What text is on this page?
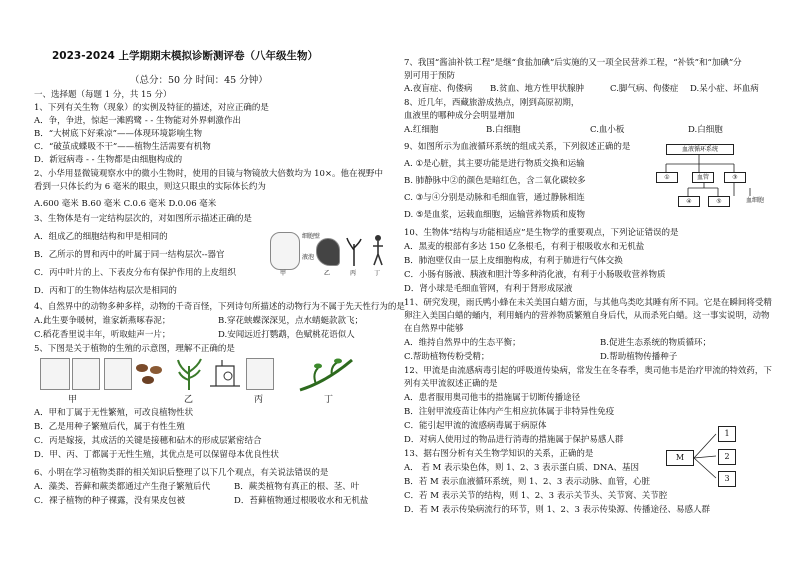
2023-2024 上学期期末模拟诊断测评卷（八年级生物）
（总分：50 分 时间：45 分钟）
一、选择题（每题 1 分，共 15 分）
1、下列有关生物（现象）的实例及特征的描述，对应正确的是
A．争，争进，惊起一滩鸥鹭 - - 生物能对外界刺激作出
B．“大树底下好乘凉”——体现环境影响生物
C．“破茧成蝶吸不干”——植物生活需要有机物
D．新冠病毒 - - 生物都是由细胞构成的
2、小华用显微镜观察水中的微小生物时，使用的目镜与物镜放大倍数均为 10×。他在视野中
看到一只体长约为 6 毫米的眼虫，则这只眼虫的实际体长约为
A.600 毫米 B.60 毫米 C.0.6 毫米 D.0.06 毫米
3、生物体是有一定结构层次的，对如图所示描述正确的是
A．组成乙的细胞结构和甲是相同的
B．乙所示的胃和丙中的叶属于同一结构层次--器官
C．丙中叶片的上、下表皮分布有保护作用的上皮组织
D．丙和丁的生物体结构层次是相同的
细胞壁
液泡
甲	乙	丙	丁
4、自然界中的动物多种多样，动物的千奇百怪，下列诗句所描述的动物行为不属于先天性行为的是
A.此生要争暖树，谁家新燕啄春泥；	B.穿花蛱蝶深深见，点水蜻蜓款款飞；
C.稻花香里说丰年，听取蛙声一片；	D.安闻远近打鹦鹉，色赋桃花语似人
5、下图是关于植物的生殖的示意图，理解不正确的是
甲	乙	丙	丁
A．甲和丁属于无性繁殖，可改良植物性状
B．乙是用种子繁殖后代，属于有性生殖
C．丙是嫁接，其成活的关键是接穗和砧木的形成层紧密结合
D．甲、丙、丁都属于无性生殖，其优点是可以保留母本优良性状
6、小明在学习植物类群的相关知识后整理了以下几个观点，有关说法错误的是
A．藻类、苔藓和蕨类都通过产生孢子繁殖后代	B．蕨类植物有真正的根、茎、叶
C．裸子植物的种子裸露，没有果皮包被	D．苔藓植物通过根吸收水和无机盐
7、我国“酱油补铁工程”是继“食盐加碘”后实施的又一项全民营养工程，“补铁”和“加碘”分
别可用于预防
A.夜盲症、佝偻病 B.贫血、地方性甲状腺肿	C.脚气病、佝偻症 D.呆小症、坏血病
8、近几年，西藏旅游成热点，刚到高原初期，
血液里的哪种成分会明显增加
A.红细胞	B.白细胞	C.血小板	D.白细胞
9、如图所示为血液循环系统的组成关系，下列叙述正确的是
A. ①是心脏，其主要功能是进行物质交换和运输
B. 肺静脉中②的颜色是暗红色，含二氧化碳较多
C. ③与④分别是动脉和毛细血管，通过静脉相连
D. ⑤是血浆，运载血细胞，运输营养物质和废物
血液循环系统
①	血管	③
④	⑤	血细胞
10、生物体“结构与功能相适应”是生物学的重要观点，下列论证错误的是
A．黑麦的根部有多达 150 亿条根毛，有利于根吸收水和无机盐
B．肺泡壁仅由一层上皮细胞构成，有利于肺进行气体交换
C．小肠有肠液、胰液和胆汁等多种消化液，有利于小肠吸收营养物质
D．肾小球是毛细血管网，有利于肾形成尿液
11、研究发现，雨氏鸭小蜂在未关美国白蜡方面，与其他鸟类吃其睡有所不同。它是在瞬间将受精
卵注入美国白蜡的蛹内，利用蛹内的营养物质繁殖自身后代，从而杀死白蜡。这一事实说明，动物
在自然界中能够
A．维持自然界中的生态平衡；	B.促进生态系统的物质循环；
C.帮助植物传粉受精；	D.帮助植物传播种子
12、甲流是由流感病毒引起的呼吸道传染病，常发生在冬春季，奥司他韦是治疗甲流的特效药，下
列有关甲流叙述正确的是
A．患者服用奥司他韦的措施属于切断传播途径
B．注射甲流疫苗让体内产生相应抗体属于非特异性免疫
C．能引起甲流的流感病毒属于病原体
D．对病人使用过的物品进行消毒的措施属于保护易感人群
13、据右图分析有关生物学知识的关系，正确的是
A． 若 M 表示染色体，则 1、2、3 表示蛋白质、DNA、基因
B．若 M 表示血液循环系统，则 1、2、3 表示动脉、血管，心脏
C．若 M 表示关节的结构，则 1、2、3 表示关节头、关节窝、关节腔
D．若 M 表示传染病流行的环节，则 1、2、3 表示传染源、传播途径、易感人群
M
1
2
3
